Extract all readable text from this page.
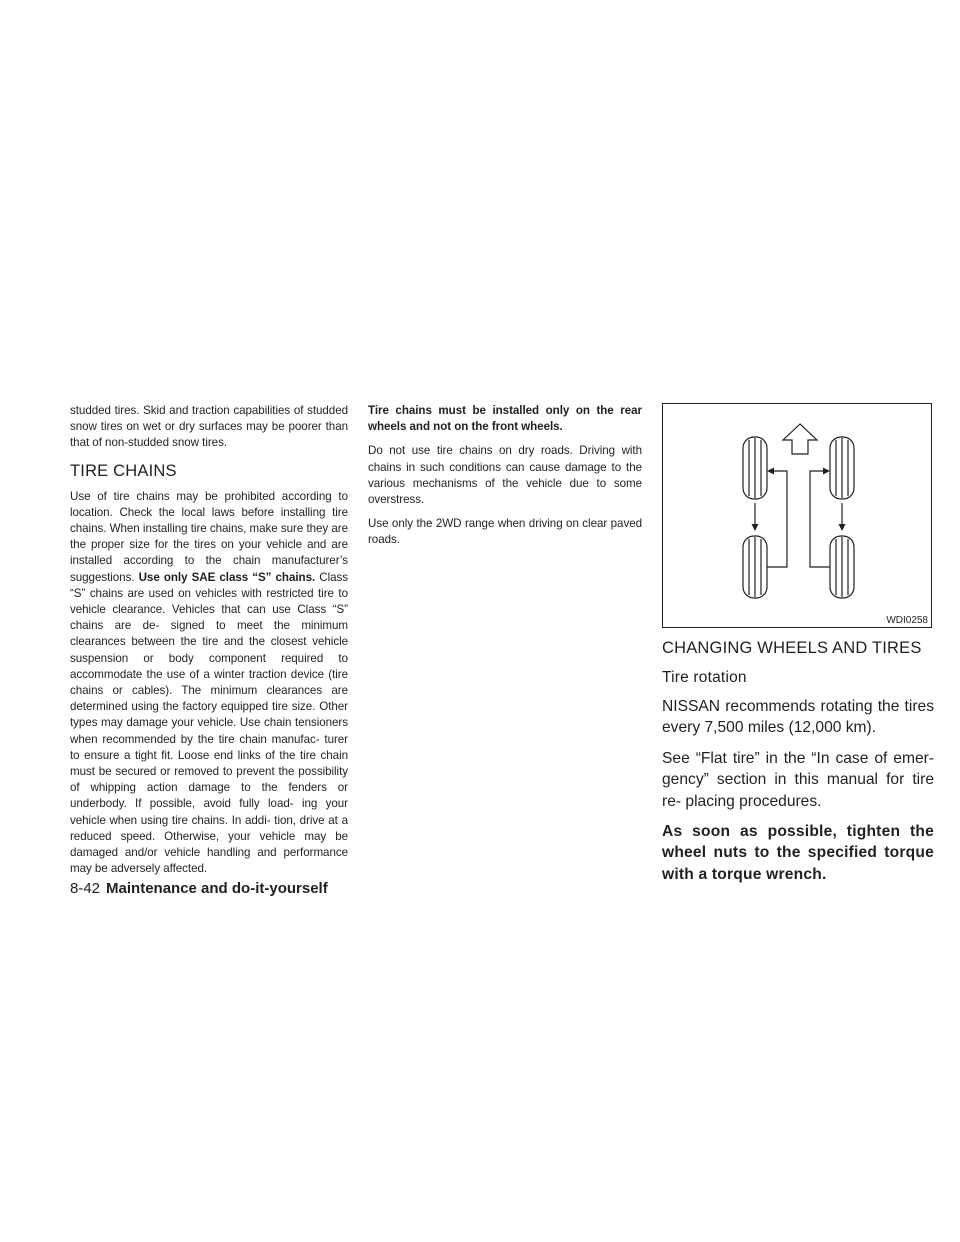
studded tires. Skid and traction capabilities of studded snow tires on wet or dry surfaces may be poorer than that of non-studded snow tires.

TIRE CHAINS

Use of tire chains may be prohibited according to location. Check the local laws before installing tire chains. When installing tire chains, make sure they are the proper size for the tires on your vehicle and are installed according to the chain manufacturer’s suggestions. Use only SAE class “S” chains. Class “S” chains are used on vehicles with restricted tire to vehicle clearance. Vehicles that can use Class “S” chains are de- signed to meet the minimum clearances between the tire and the closest vehicle suspension or body component required to accommodate the use of a winter traction device (tire chains or cables). The minimum clearances are determined using the factory equipped tire size. Other types may damage your vehicle. Use chain tensioners when recommended by the tire chain manufac- turer to ensure a tight fit. Loose end links of the tire chain must be secured or removed to prevent the possibility of whipping action damage to the fenders or underbody. If possible, avoid fully load- ing your vehicle when using tire chains. In addi- tion, drive at a reduced speed. Otherwise, your vehicle may be damaged and/or vehicle handling and performance may be adversely affected.

Tire chains must be installed only on the rear wheels and not on the front wheels.

Do not use tire chains on dry roads. Driving with chains in such conditions can cause damage to the various mechanisms of the vehicle due to some overstress.

Use only the 2WD range when driving on clear paved roads.

WDI0258
CHANGING WHEELS AND TIRES
Tire rotation

NISSAN recommends rotating the tires every 7,500 miles (12,000 km).

See “Flat tire” in the “In case of emer- gency” section in this manual for tire re- placing procedures.

As soon as possible, tighten the wheel nuts to the specified torque with a torque wrench.

8-42 Maintenance and do-it-yourself
